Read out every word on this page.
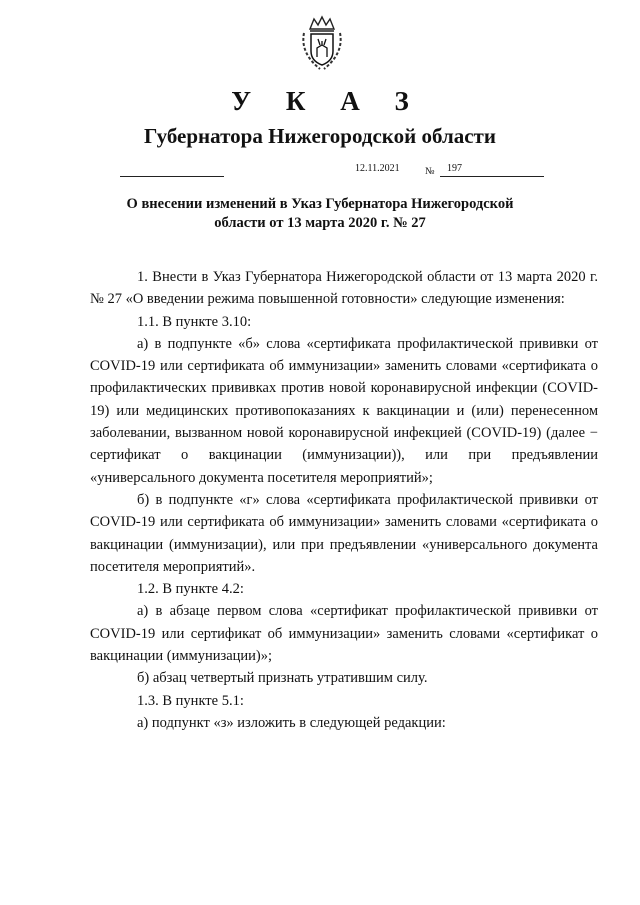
У К А З
Губернатора Нижегородской области
12.11.2021	№ 197
О внесении изменений в Указ Губернатора Нижегородской
области от 13 марта 2020 г. № 27

1. Внести в Указ Губернатора Нижегородской области от 13 марта 2020 г. № 27 «О введении режима повышенной готовности» следующие изменения:

1.1. В пункте 3.10:

а) в подпункте «б» слова «сертификата профилактической прививки от COVID-19 или сертификата об иммунизации» заменить словами «сертификата о профилактических прививках против новой коронавирусной инфекции (COVID-19) или медицинских противопоказаниях к вакцинации и (или) перенесенном заболевании, вызванном новой коронавирусной инфекцией (COVID-19) (далее − сертификат о вакцинации (иммунизации)), или при предъявлении «универсального документа посетителя мероприятий»;

б) в подпункте «г» слова «сертификата профилактической прививки от COVID-19 или сертификата об иммунизации» заменить словами «сертификата о вакцинации (иммунизации), или при предъявлении «универсального документа посетителя мероприятий».

1.2. В пункте 4.2:

а) в абзаце первом слова «сертификат профилактической прививки от COVID-19 или сертификат об иммунизации» заменить словами «сертификат о вакцинации (иммунизации)»;

б) абзац четвертый признать утратившим силу.

1.3. В пункте 5.1:

а) подпункт «з» изложить в следующей редакции:
